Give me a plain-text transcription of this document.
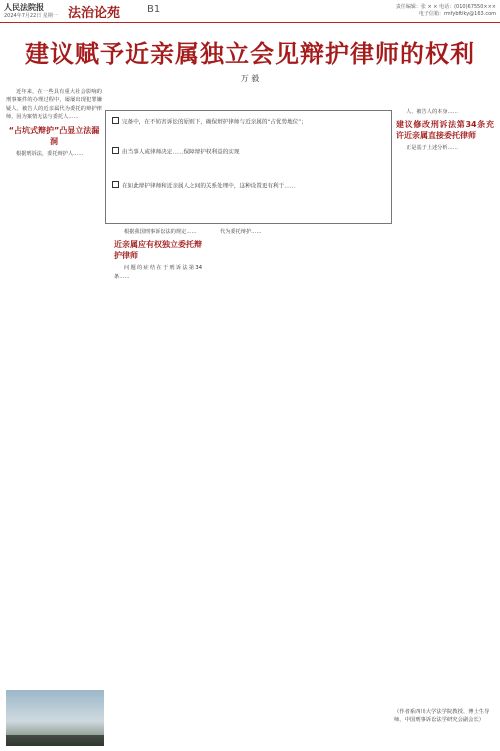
人民法院报
2024年7月22日 星期一 法治论苑	B1	责任编辑：张 × × 电话：(010)67550×××
电子信箱：rmfybftlky@163.com
建议赋予近亲属独立会见辩护律师的权利
万 毅
完备中，在不妨害诉讼的原则下，确保辩护律师与近亲属的“占优势地位”；
由当事人或律师决定……保障辩护权利益的实现
在如此辩护律师和近亲属人之间的关系处理中，这种设置更有利于……

近年来，在一些具有重大社会影响的刑事案件的办理过程中，屡屡出现犯罪嫌疑人、被告人的近亲属代为委托的辩护律师，因为案情无法与委托人……

“占坑式辩护”凸显立法漏洞

根据刑诉法，委托辩护人……

根据我国刑事诉讼法的规定……

近亲属应有权独立委托辩护律师

问题的症结在于刑诉法第34条……

代为委托辩护……

人、被告人的本身……

建议修改刑诉法第34条充许近亲属直接委托律师

正是基于上述分析……

（作者系四川大学法学院教授、博士生导师，中国刑事诉讼法学研究会副会长）
